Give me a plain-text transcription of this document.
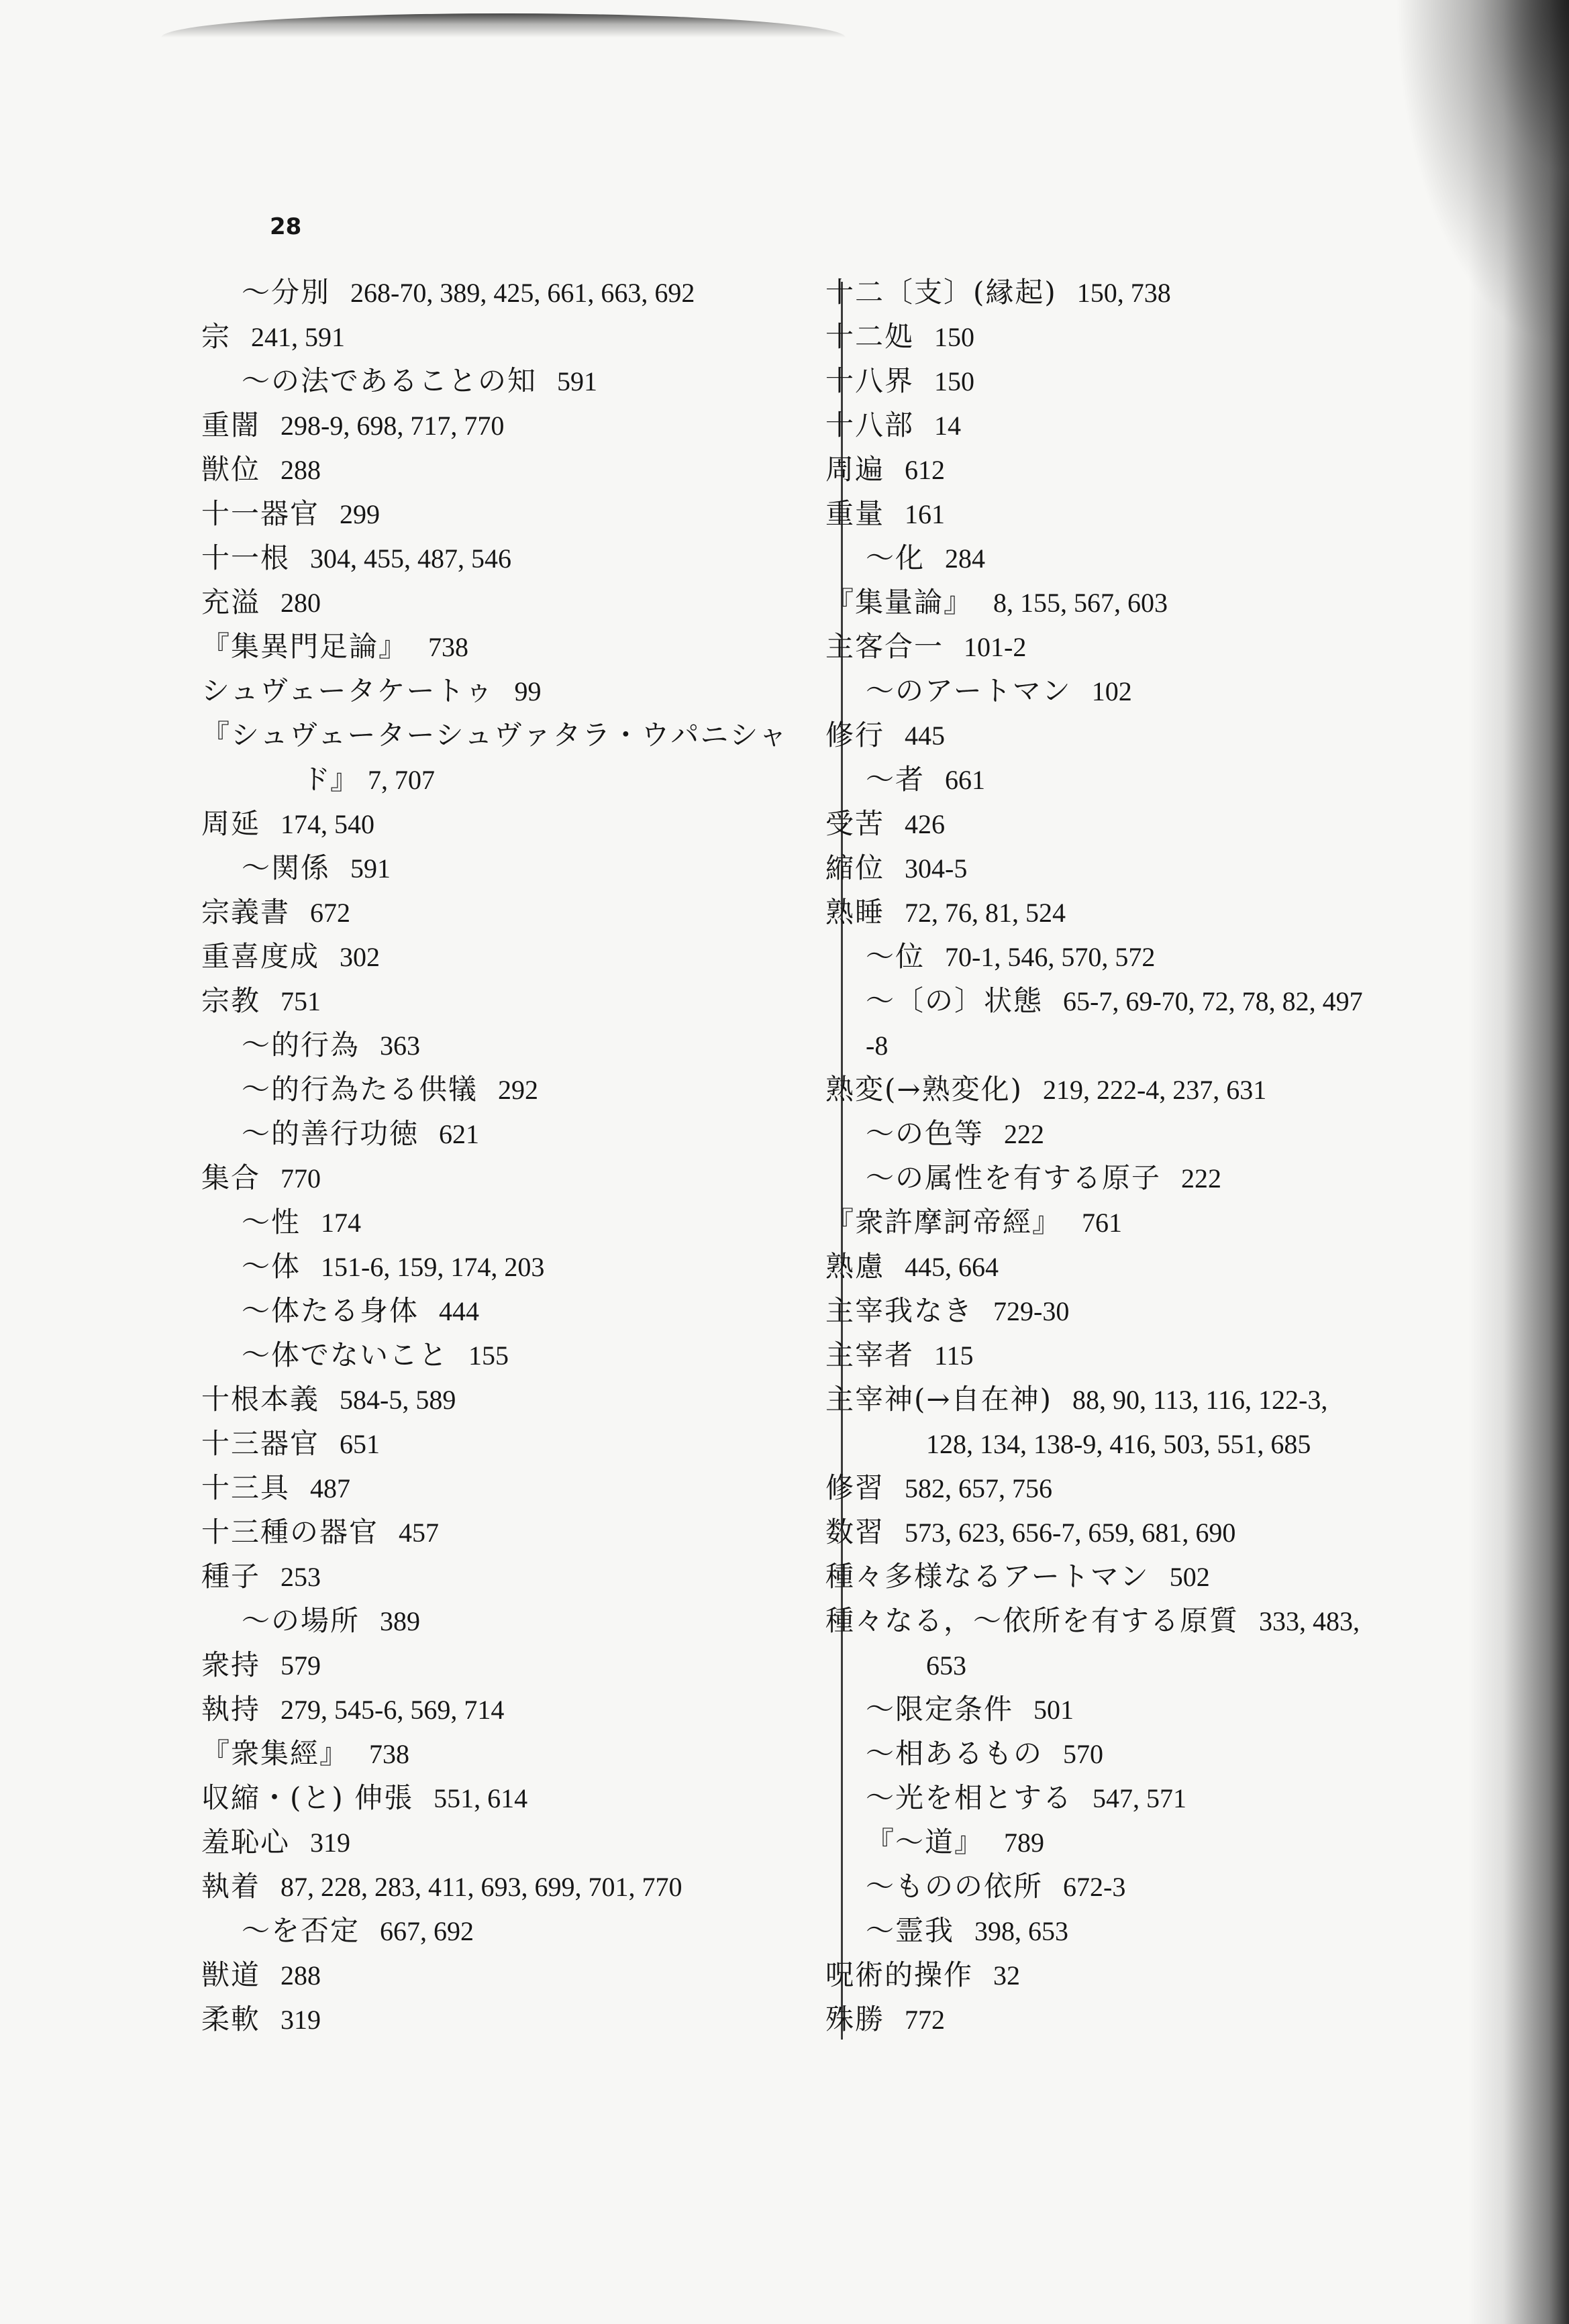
28
～分別 268-70, 389, 425, 661, 663, 692
宗 241, 591
～の法であることの知 591
重闇 298-9, 698, 717, 770
獣位 288
十一器官 299
十一根 304, 455, 487, 546
充溢 280
『集異門足論』 738
シュヴェータケートゥ 99
『シュヴェーターシュヴァタラ・ウパニシャ
ド』 7, 707
周延 174, 540
～関係 591
宗義書 672
重喜度成 302
宗教 751
～的行為 363
～的行為たる供犠 292
～的善行功徳 621
集合 770
～性 174
～体 151-6, 159, 174, 203
～体たる身体 444
～体でないこと 155
十根本義 584-5, 589
十三器官 651
十三具 487
十三種の器官 457
種子 253
～の場所 389
衆持 579
執持 279, 545-6, 569, 714
『衆集經』 738
収縮・(と) 伸張 551, 614
羞恥心 319
執着 87, 228, 283, 411, 693, 699, 701, 770
～を否定 667, 692
獣道 288
柔軟 319
十二〔支〕(縁起) 150, 738
十二処 150
十八界 150
十八部 14
周遍 612
重量 161
～化 284
『集量論』 8, 155, 567, 603
主客合一 101-2
～のアートマン 102
修行 445
～者 661
受苦 426
縮位 304-5
熟睡 72, 76, 81, 524
～位 70-1, 546, 570, 572
～〔の〕状態 65-7, 69-70, 72, 78, 82, 497
-8
熟変(→熟変化) 219, 222-4, 237, 631
～の色等 222
～の属性を有する原子 222
『衆許摩訶帝經』 761
熟慮 445, 664
主宰我なき 729-30
主宰者 115
主宰神(→自在神) 88, 90, 113, 116, 122-3,
128, 134, 138-9, 416, 503, 551, 685
修習 582, 657, 756
数習 573, 623, 656-7, 659, 681, 690
種々多様なるアートマン 502
種々なる，～依所を有する原質 333, 483,
653
～限定条件 501
～相あるもの 570
～光を相とする 547, 571
『～道』 789
～ものの依所 672-3
～霊我 398, 653
呪術的操作 32
殊勝 772
